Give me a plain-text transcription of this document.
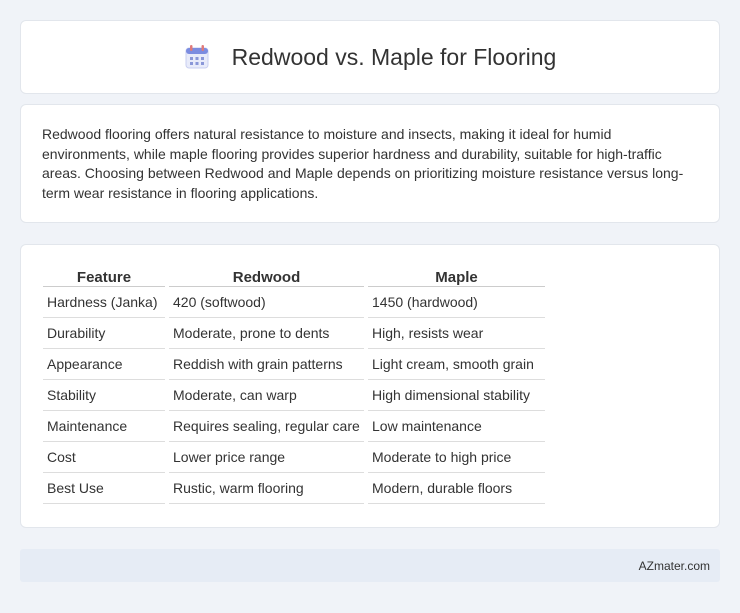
Redwood vs. Maple for Flooring

Redwood flooring offers natural resistance to moisture and insects, making it ideal for humid environments, while maple flooring provides superior hardness and durability, suitable for high-traffic areas. Choosing between Redwood and Maple depends on prioritizing moisture resistance versus long-term wear resistance in flooring applications.

Feature	Redwood	Maple
Hardness (Janka)	420 (softwood)	1450 (hardwood)
Durability	Moderate, prone to dents	High, resists wear
Appearance	Reddish with grain patterns	Light cream, smooth grain
Stability	Moderate, can warp	High dimensional stability
Maintenance	Requires sealing, regular care	Low maintenance
Cost	Lower price range	Moderate to high price
Best Use	Rustic, warm flooring	Modern, durable floors
AZmater.com
